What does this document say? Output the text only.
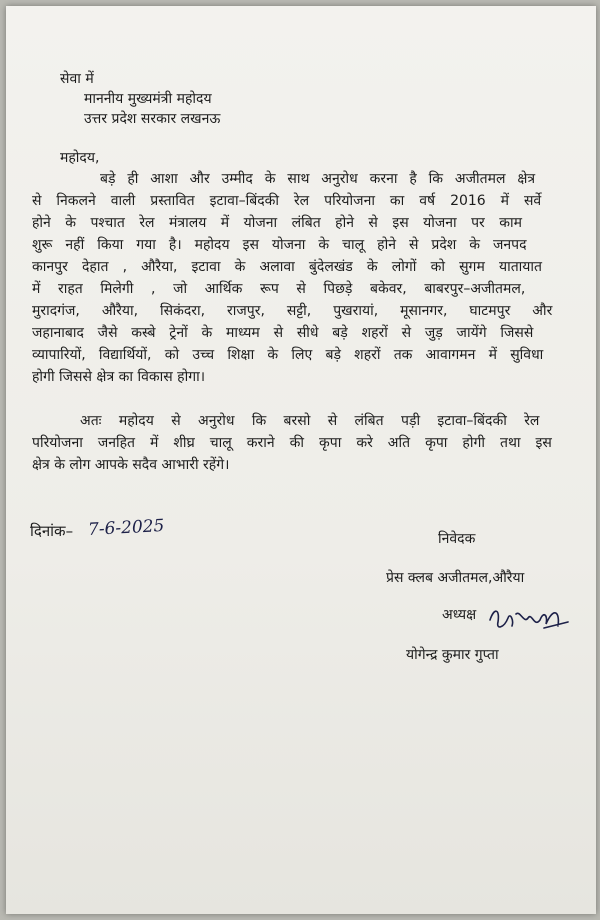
सेवा में
माननीय मुख्यमंत्री महोदय
उत्तर प्रदेश सरकार लखनऊ
महोदय,
बड़े ही आशा और उम्मीद के साथ अनुरोध करना है कि अजीतमल क्षेत्र
से निकलने वाली प्रस्तावित इटावा–बिंदकी रेल परियोजना का वर्ष 2016 में सर्वे
होने के पश्चात रेल मंत्रालय में योजना लंबित होने से इस योजना पर काम
शुरू नहीं किया गया है। महोदय इस योजना के चालू होने से प्रदेश के जनपद
कानपुर देहात , औरैया, इटावा के अलावा बुंदेलखंड के लोगों को सुगम यातायात
में राहत मिलेगी , जो आर्थिक रूप से पिछड़े बकेवर, बाबरपुर–अजीतमल,
मुरादगंज, औरैया, सिकंदरा, राजपुर, सट्टी, पुखरायां, मूसानगर, घाटमपुर और
जहानाबाद जैसे कस्बे ट्रेनों के माध्यम से सीधे बड़े शहरों से जुड़ जायेंगे जिससे
व्यापारियों, विद्यार्थियों, को उच्च शिक्षा के लिए बड़े शहरों तक आवागमन में सुविधा
होगी जिससे क्षेत्र का विकास होगा।
अतः महोदय से अनुरोध कि बरसो से लंबित पड़ी इटावा–बिंदकी रेल
परियोजना जनहित में शीघ्र चालू कराने की कृपा करे अति कृपा होगी तथा इस
क्षेत्र के लोग आपके सदैव आभारी रहेंगे।
दिनांक– 7-6-2025	निवेदक
प्रेस क्लब अजीतमल,औरैया
अध्यक्ष
योगेन्द्र कुमार गुप्ता
